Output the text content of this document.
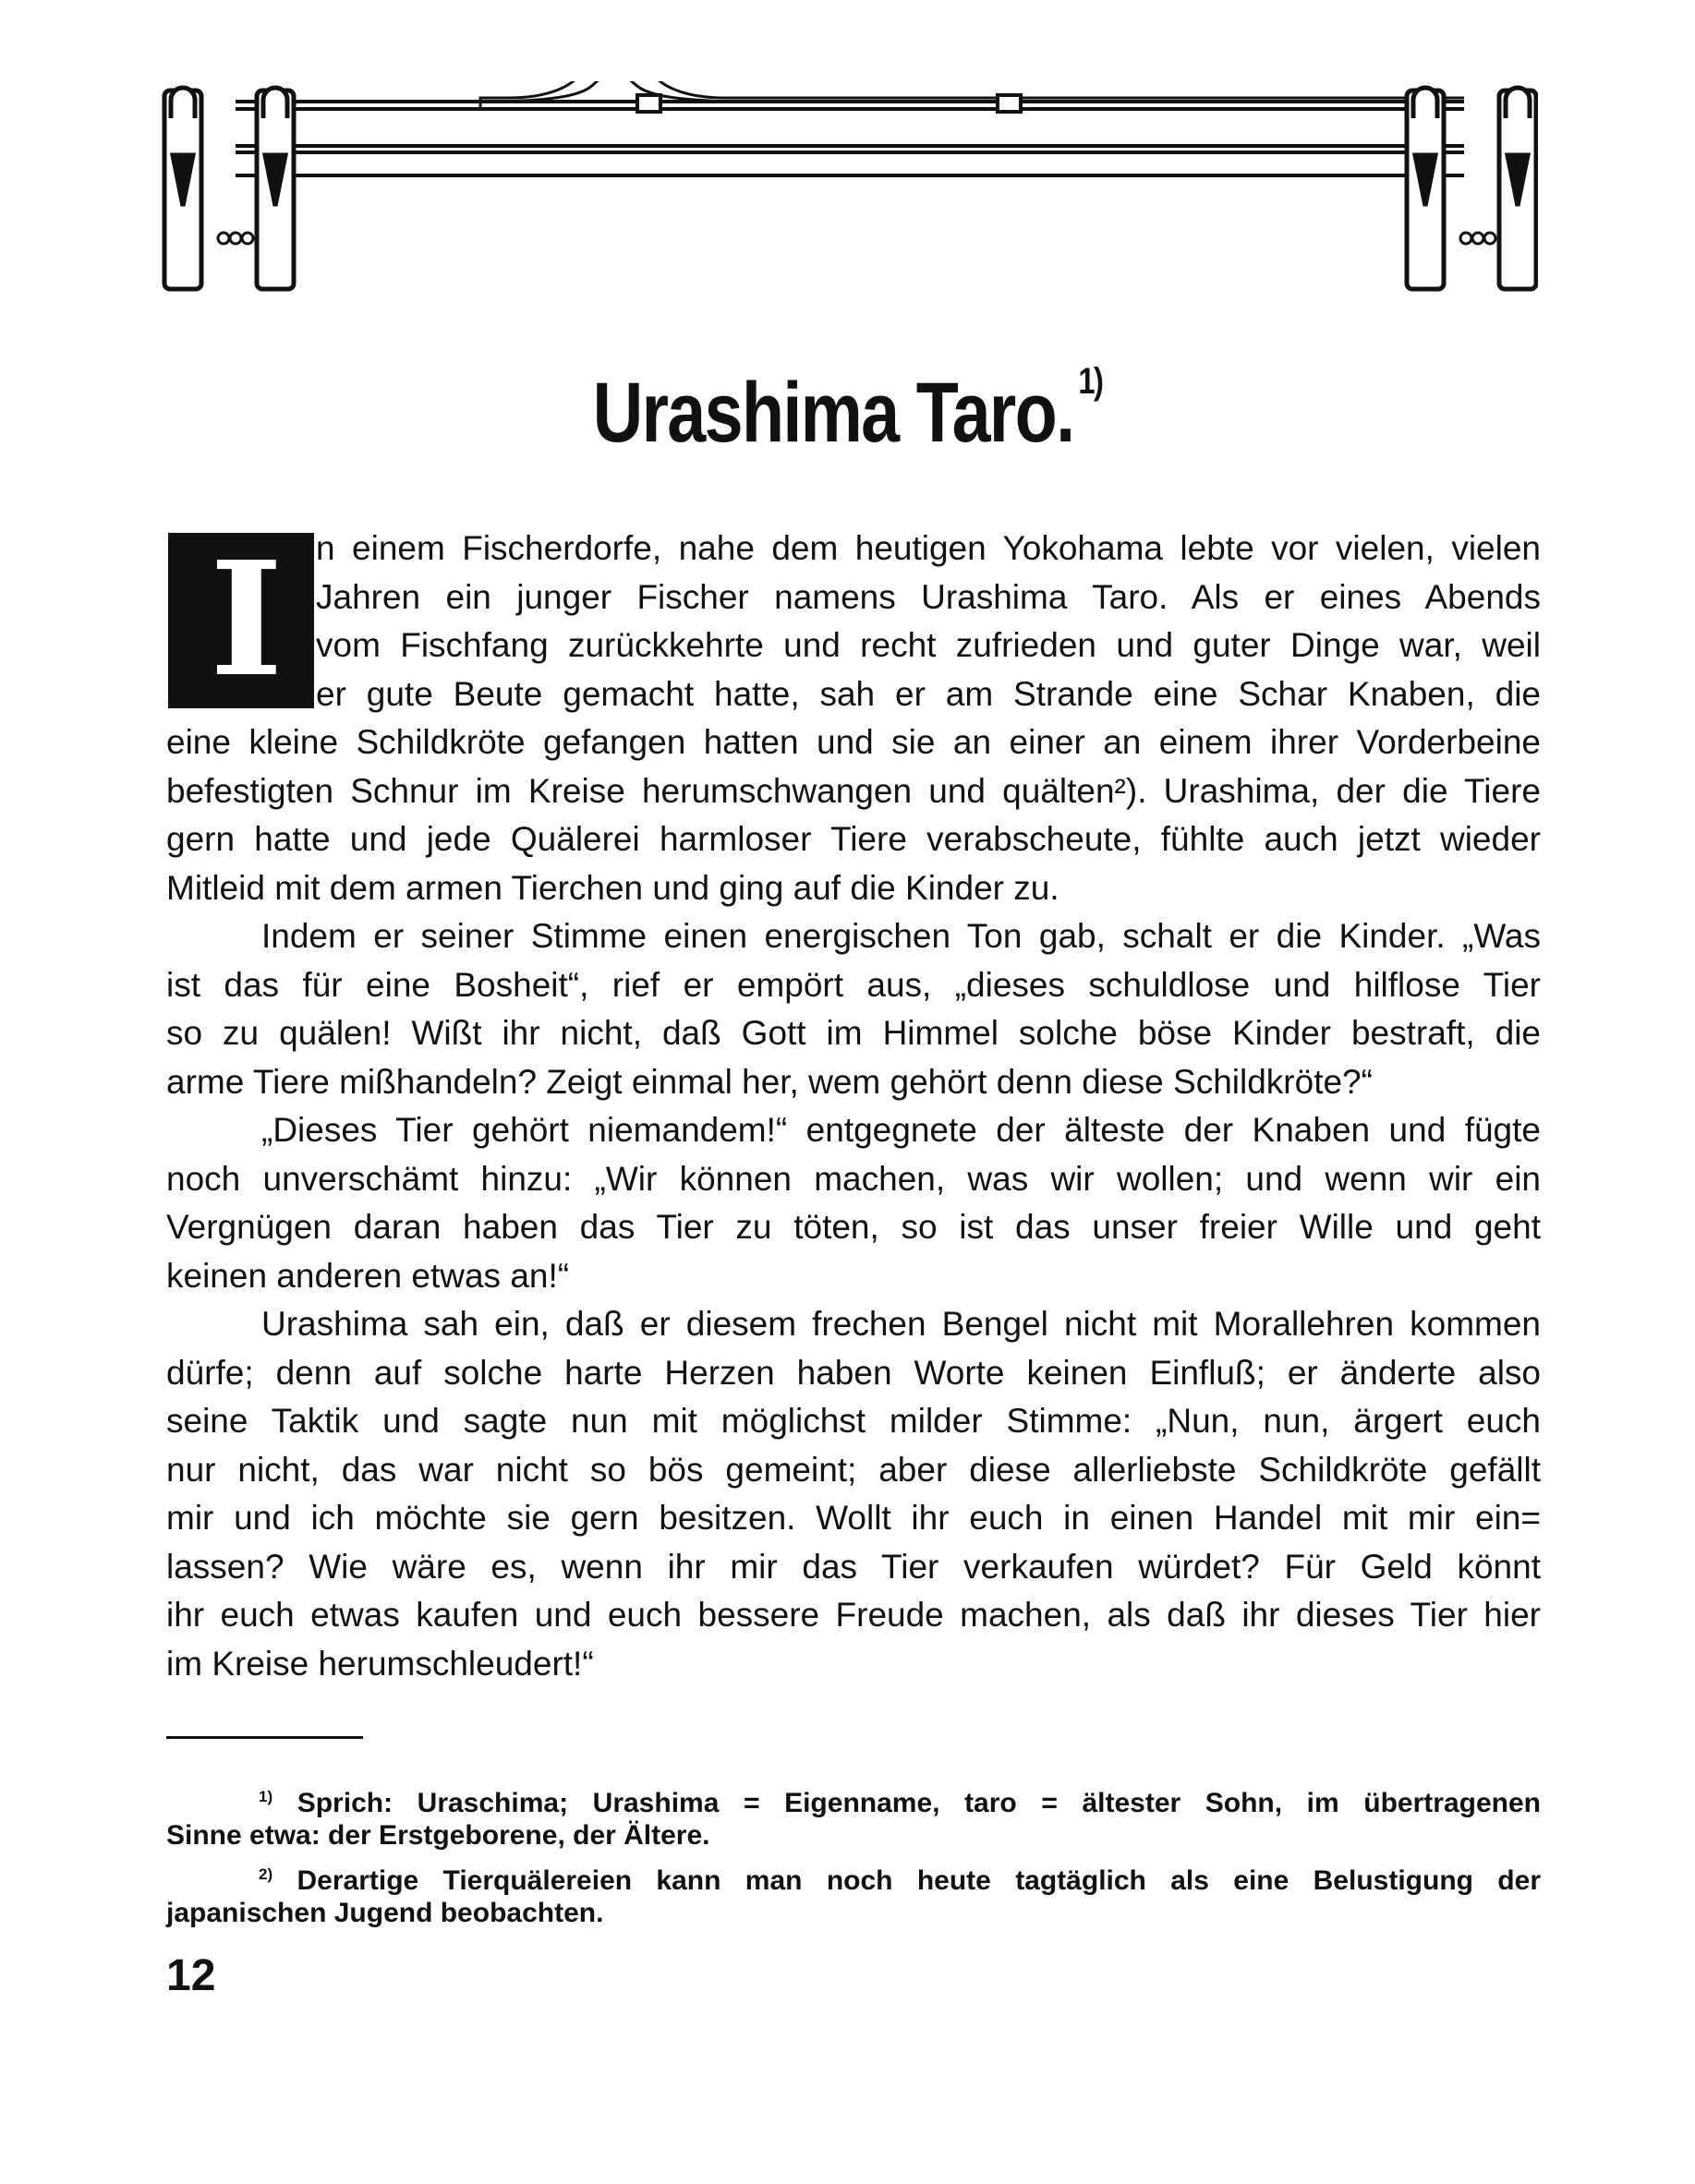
Urashima Taro. $^{1)}$
I n einem Fischerdorfe, nahe dem heutigen Yokohama lebte vor vielen, vielen
Jahren ein junger Fischer namens Urashima Taro. Als er eines Abends
vom Fischfang zurückkehrte und recht zufrieden und guter Dinge war, weil
er gute Beute gemacht hatte, sah er am Strande eine Schar Knaben, die
eine kleine Schildkröte gefangen hatten und sie an einer an einem ihrer Vorderbeine
befestigten Schnur im Kreise herumschwangen und quälten²). Urashima, der die Tiere
gern hatte und jede Quälerei harmloser Tiere verabscheute, fühlte auch jetzt wieder
Mitleid mit dem armen Tierchen und ging auf die Kinder zu.
Indem er seiner Stimme einen energischen Ton gab, schalt er die Kinder. „Was
ist das für eine Bosheit“, rief er empört aus, „dieses schuldlose und hilflose Tier
so zu quälen! Wißt ihr nicht, daß Gott im Himmel solche böse Kinder bestraft, die
arme Tiere mißhandeln? Zeigt einmal her, wem gehört denn diese Schildkröte?“
„Dieses Tier gehört niemandem!“ entgegnete der älteste der Knaben und fügte
noch unverschämt hinzu: „Wir können machen, was wir wollen; und wenn wir ein
Vergnügen daran haben das Tier zu töten, so ist das unser freier Wille und geht
keinen anderen etwas an!“
Urashima sah ein, daß er diesem frechen Bengel nicht mit Morallehren kommen
dürfe; denn auf solche harte Herzen haben Worte keinen Einfluß; er änderte also
seine Taktik und sagte nun mit möglichst milder Stimme: „Nun, nun, ärgert euch
nur nicht, das war nicht so bös gemeint; aber diese allerliebste Schildkröte gefällt
mir und ich möchte sie gern besitzen. Wollt ihr euch in einen Handel mit mir ein=
lassen? Wie wäre es, wenn ihr mir das Tier verkaufen würdet? Für Geld könnt
ihr euch etwas kaufen und euch bessere Freude machen, als daß ihr dieses Tier hier
im Kreise herumschleudert!“
$^{1)}$ Sprich: Uraschima; Urashima = Eigenname, taro = ältester Sohn, im übertragenen
Sinne etwa: der Erstgeborene, der Ältere.
$^{2)}$ Derartige Tierquälereien kann man noch heute tagtäglich als eine Belustigung der
japanischen Jugend beobachten.
12
